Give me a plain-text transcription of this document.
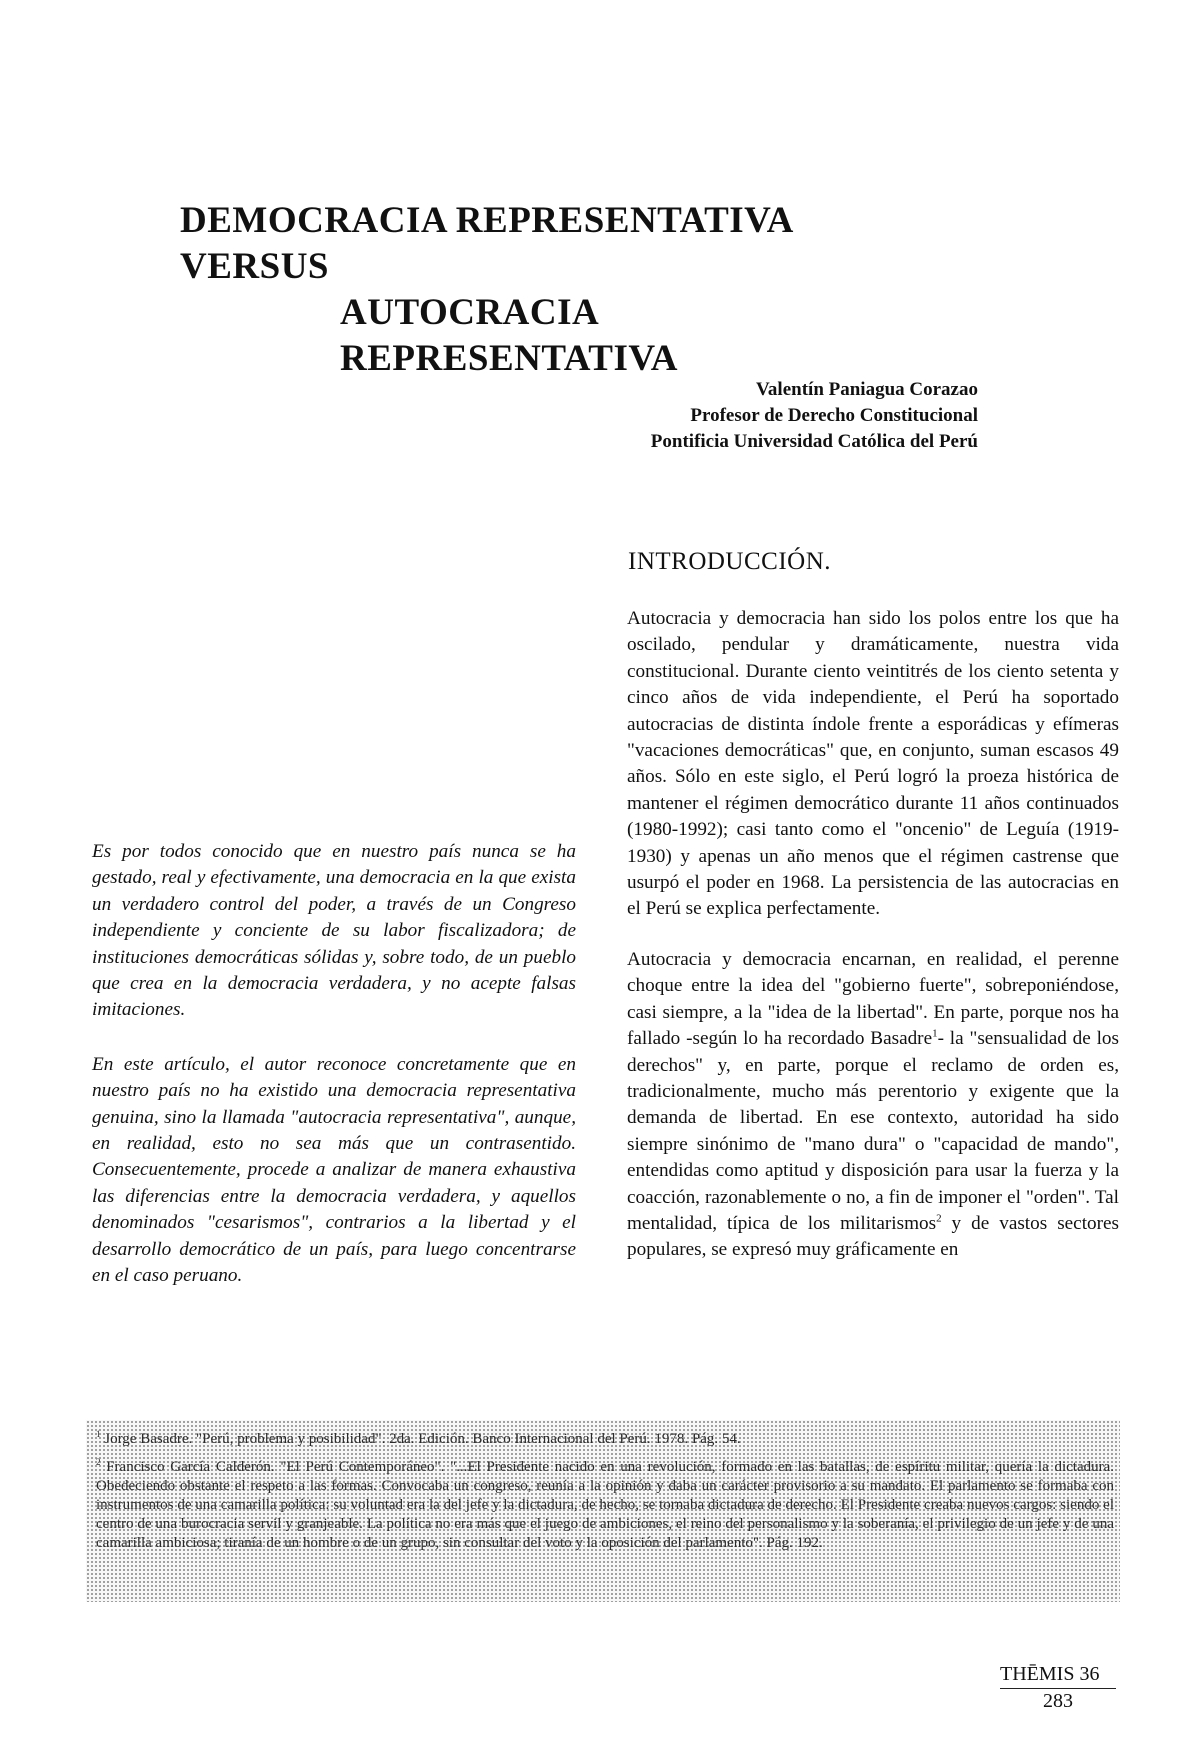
DEMOCRACIA REPRESENTATIVA VERSUS
AUTOCRACIA REPRESENTATIVA
Valentín Paniagua Corazao
Profesor de Derecho Constitucional
Pontificia Universidad Católica del Perú
INTRODUCCIÓN.

Autocracia y democracia han sido los polos entre los que ha oscilado, pendular y dramáticamente, nuestra vida constitucional. Durante ciento veintitrés de los ciento setenta y cinco años de vida independiente, el Perú ha soportado autocracias de distinta índole frente a esporádicas y efímeras "vacaciones democráticas" que, en conjunto, suman escasos 49 años. Sólo en este siglo, el Perú logró la proeza histórica de mantener el régimen democrático durante 11 años continuados (1980-1992); casi tanto como el "oncenio" de Leguía (1919-1930) y apenas un año menos que el régimen castrense que usurpó el poder en 1968. La persistencia de las autocracias en el Perú se explica perfectamente.

Autocracia y democracia encarnan, en realidad, el perenne choque entre la idea del "gobierno fuerte", sobreponiéndose, casi siempre, a la "idea de la libertad". En parte, porque nos ha fallado -según lo ha recordado Basadre$^1$- la "sensualidad de los derechos" y, en parte, porque el reclamo de orden es, tradicionalmente, mucho más perentorio y exigente que la demanda de libertad. En ese contexto, autoridad ha sido siempre sinónimo de "mano dura" o "capacidad de mando", entendidas como aptitud y disposición para usar la fuerza y la coacción, razonablemente o no, a fin de imponer el "orden". Tal mentalidad, típica de los militarismos$^2$ y de vastos sectores populares, se expresó muy gráficamente en

Es por todos conocido que en nuestro país nunca se ha gestado, real y efectivamente, una democracia en la que exista un verdadero control del poder, a través de un Congreso independiente y conciente de su labor fiscalizadora; de instituciones democráticas sólidas y, sobre todo, de un pueblo que crea en la democracia verdadera, y no acepte falsas imitaciones.

En este artículo, el autor reconoce concretamente que en nuestro país no ha existido una democracia representativa genuina, sino la llamada "autocracia representativa", aunque, en realidad, esto no sea más que un contrasentido. Consecuentemente, procede a analizar de manera exhaustiva las diferencias entre la democracia verdadera, y aquellos denominados "cesarismos", contrarios a la libertad y el desarrollo democrático de un país, para luego concentrarse en el caso peruano.

$^1$ Jorge Basadre. "Perú, problema y posibilidad". 2da. Edición. Banco Internacional del Perú. 1978. Pág. 54.

$^2$ Francisco García Calderón. "El Perú Contemporáneo". "...El Presidente nacido en una revolución, formado en las batallas, de espíritu militar, quería la dictadura. Obedeciendo obstante el respeto a las formas. Convocaba un congreso, reunía a la opinión y daba un carácter provisorio a su mandato. El parlamento se formaba con instrumentos de una camarilla política: su voluntad era la del jefe y la dictadura, de hecho, se tornaba dictadura de derecho. El Presidente creaba nuevos cargos: siendo el centro de una burocracia servil y granjeable. La política no era más que el juego de ambiciones, el reino del personalismo y la soberanía, el privilegio de un jefe y de una camarilla ambiciosa; tiranía de un hombre o de un grupo, sin consultar del voto y la oposición del parlamento". Pág. 192.

THĒMIS 36
283
